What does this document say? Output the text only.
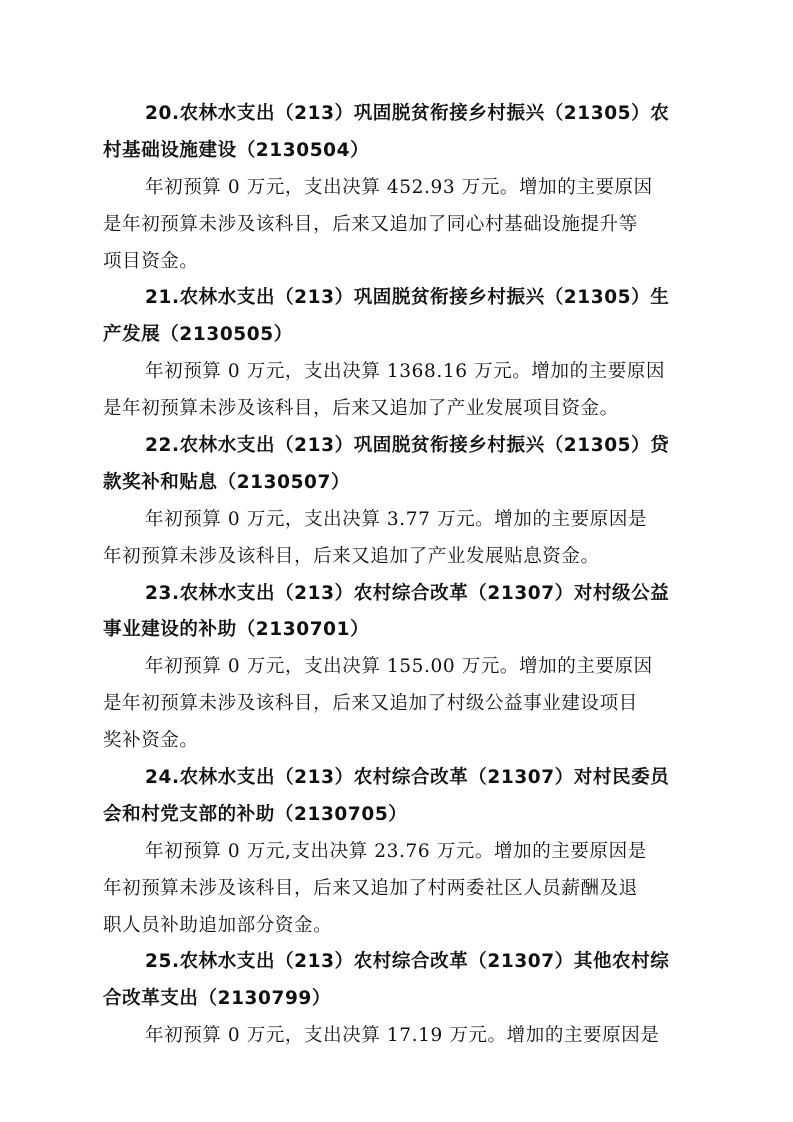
20.农林水支出（213）巩固脱贫衔接乡村振兴（21305）农
村基础设施建设（2130504）
年初预算 0 万元，支出决算 452.93 万元。增加的主要原因
是年初预算未涉及该科目，后来又追加了同心村基础设施提升等
项目资金。
21.农林水支出（213）巩固脱贫衔接乡村振兴（21305）生
产发展（2130505）
年初预算 0 万元，支出决算 1368.16 万元。增加的主要原因
是年初预算未涉及该科目，后来又追加了产业发展项目资金。
22.农林水支出（213）巩固脱贫衔接乡村振兴（21305）贷
款奖补和贴息（2130507）
年初预算 0 万元，支出决算 3.77 万元。增加的主要原因是
年初预算未涉及该科目，后来又追加了产业发展贴息资金。
23.农林水支出（213）农村综合改革（21307）对村级公益
事业建设的补助（2130701）
年初预算 0 万元，支出决算 155.00 万元。增加的主要原因
是年初预算未涉及该科目，后来又追加了村级公益事业建设项目
奖补资金。
24.农林水支出（213）农村综合改革（21307）对村民委员
会和村党支部的补助（2130705）
年初预算 0 万元,支出决算 23.76 万元。增加的主要原因是
年初预算未涉及该科目，后来又追加了村两委社区人员薪酬及退
职人员补助追加部分资金。
25.农林水支出（213）农村综合改革（21307）其他农村综
合改革支出（2130799）
年初预算 0 万元，支出决算 17.19 万元。增加的主要原因是
